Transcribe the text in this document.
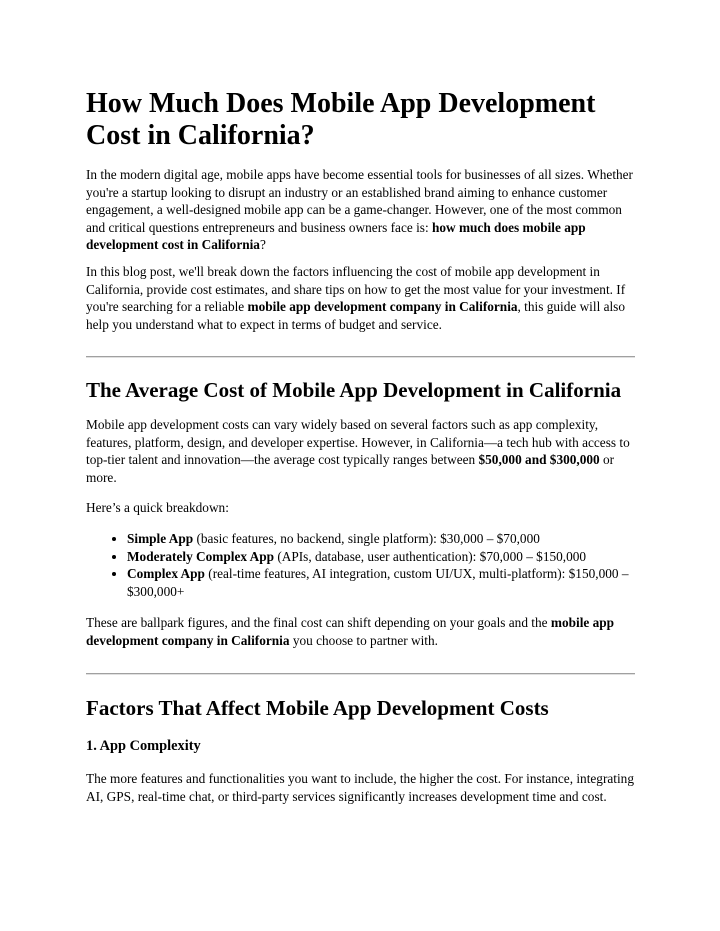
How Much Does Mobile App Development Cost in California?

In the modern digital age, mobile apps have become essential tools for businesses of all sizes. Whether you're a startup looking to disrupt an industry or an established brand aiming to enhance customer engagement, a well-designed mobile app can be a game-changer. However, one of the most common and critical questions entrepreneurs and business owners face is: how much does mobile app development cost in California?

In this blog post, we'll break down the factors influencing the cost of mobile app development in California, provide cost estimates, and share tips on how to get the most value for your investment. If you're searching for a reliable mobile app development company in California, this guide will also help you understand what to expect in terms of budget and service.

The Average Cost of Mobile App Development in California

Mobile app development costs can vary widely based on several factors such as app complexity, features, platform, design, and developer expertise. However, in California—a tech hub with access to top-tier talent and innovation—the average cost typically ranges between $50,000 and $300,000 or more.

Here’s a quick breakdown:

• Simple App (basic features, no backend, single platform): $30,000 – $70,000
• Moderately Complex App (APIs, database, user authentication): $70,000 – $150,000
• Complex App (real-time features, AI integration, custom UI/UX, multi-platform): $150,000 – $300,000+

These are ballpark figures, and the final cost can shift depending on your goals and the mobile app development company in California you choose to partner with.

Factors That Affect Mobile App Development Costs
1. App Complexity

The more features and functionalities you want to include, the higher the cost. For instance, integrating AI, GPS, real-time chat, or third-party services significantly increases development time and cost.
